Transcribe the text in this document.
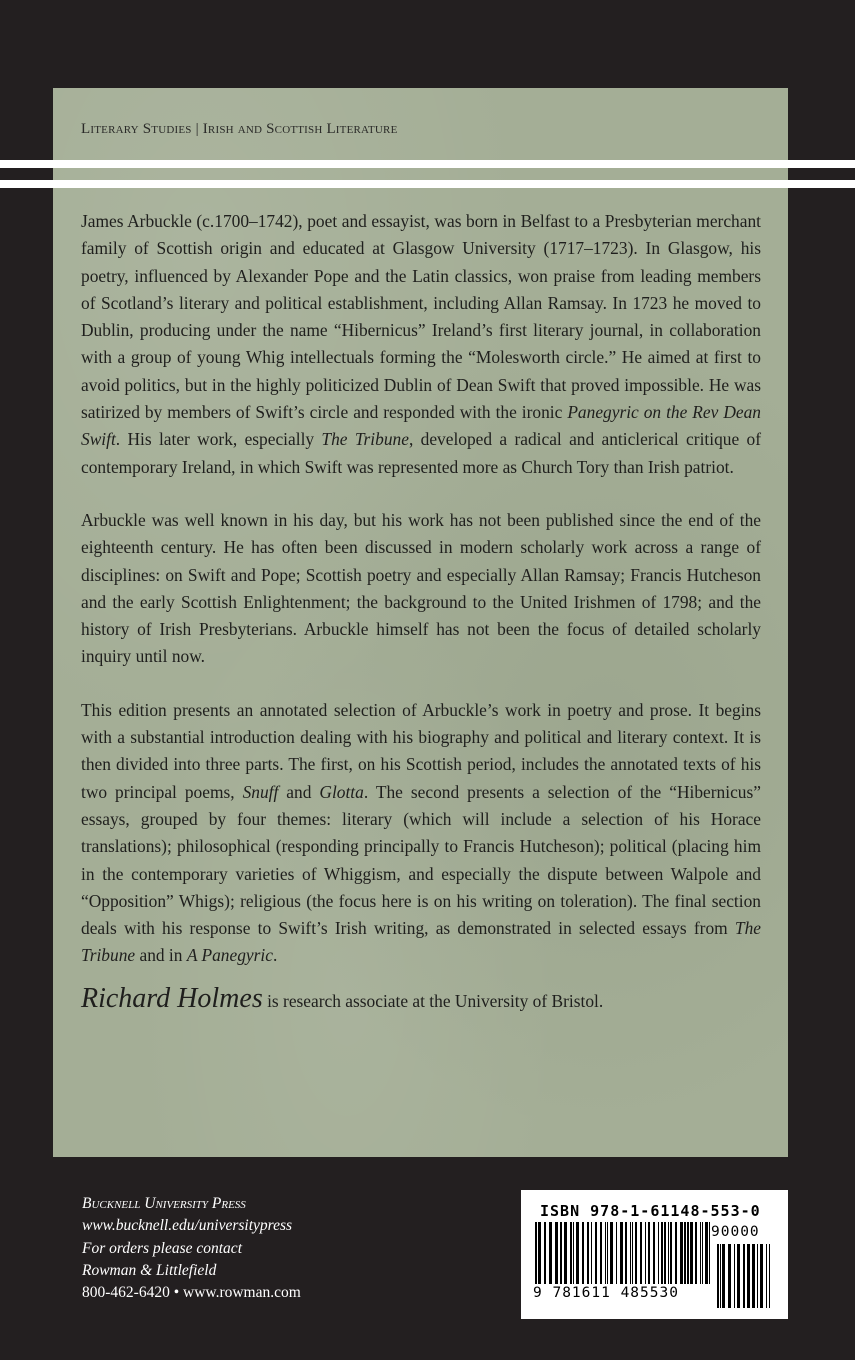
Literary Studies | Irish and Scottish Literature

James Arbuckle (c.1700–1742), poet and essayist, was born in Belfast to a Presbyterian merchant family of Scottish origin and educated at Glasgow University (1717–1723). In Glasgow, his poetry, influenced by Alexander Pope and the Latin classics, won praise from leading members of Scotland’s literary and political establishment, including Allan Ramsay. In 1723 he moved to Dublin, producing under the name “Hibernicus” Ireland’s first literary journal, in collaboration with a group of young Whig intellectuals forming the “Molesworth circle.” He aimed at first to avoid politics, but in the highly politicized Dublin of Dean Swift that proved impossible. He was satirized by members of Swift’s circle and responded with the ironic Panegyric on the Rev Dean Swift. His later work, especially The Tribune, developed a radical and anticlerical critique of contemporary Ireland, in which Swift was represented more as Church Tory than Irish patriot.

Arbuckle was well known in his day, but his work has not been published since the end of the eighteenth century. He has often been discussed in modern scholarly work across a range of disciplines: on Swift and Pope; Scottish poetry and especially Allan Ramsay; Francis Hutcheson and the early Scottish Enlightenment; the background to the United Irishmen of 1798; and the history of Irish Presbyterians. Arbuckle himself has not been the focus of detailed scholarly inquiry until now.

This edition presents an annotated selection of Arbuckle’s work in poetry and prose. It begins with a substantial introduction dealing with his biography and political and literary context. It is then divided into three parts. The first, on his Scottish period, includes the annotated texts of his two principal poems, Snuff and Glotta. The second presents a selection of the “Hibernicus” essays, grouped by four themes: literary (which will include a selection of his Horace translations); philosophical (responding principally to Francis Hutcheson); political (placing him in the contemporary varieties of Whiggism, and especially the dispute between Walpole and “Opposition” Whigs); religious (the focus here is on his writing on toleration). The final section deals with his response to Swift’s Irish writing, as demonstrated in selected essays from The Tribune and in A Panegyric.

Richard Holmes is research associate at the University of Bristol.
Bucknell University Press
www.bucknell.edu/universitypress
For orders please contact
Rowman & Littlefield
800-462-6420 • www.rowman.com
ISBN 978-1-61148-553-0
9 781611 485530
90000
